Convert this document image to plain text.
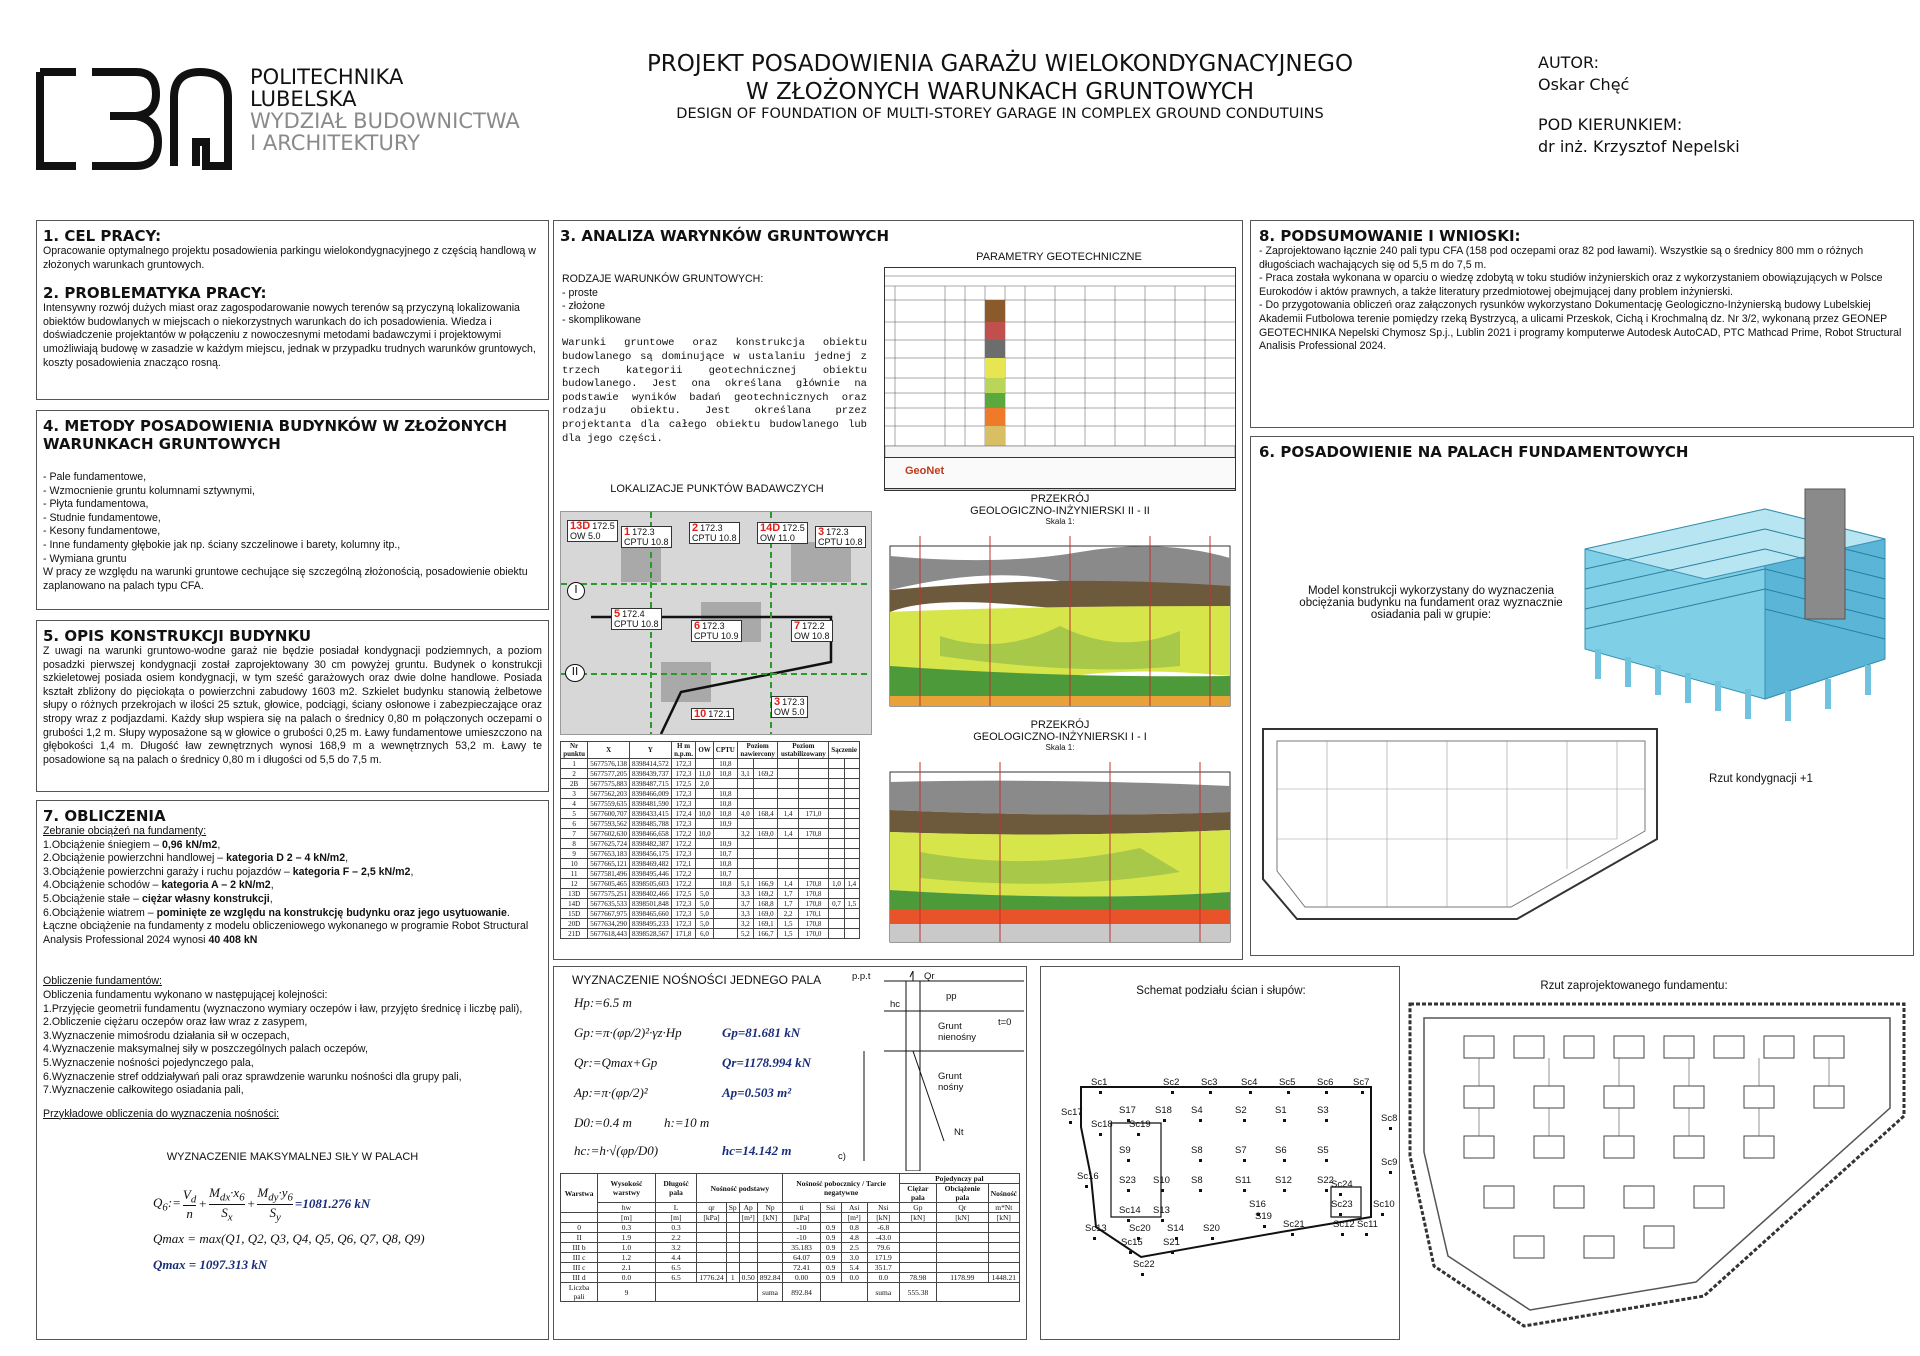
POLITECHNIKA
LUBELSKA
WYDZIAŁ BUDOWNICTWA
I ARCHITEKTURY
PROJEKT POSADOWIENIA GARAŻU WIELOKONDYGNACYJNEGO
W ZŁOŻONYCH WARUNKACH GRUNTOWYCH
DESIGN OF FOUNDATION OF MULTI-STOREY GARAGE IN COMPLEX GROUND CONDUTUINS
AUTOR:
Oskar Chęć
POD KIERUNKIEM:
dr inż. Krzysztof Nepelski
1. CEL PRACY:
Opracowanie optymalnego projektu posadowienia parkingu wielokondygnacyjnego z częścią handlową w złożonych warunkach gruntowych.
2. PROBLEMATYKA PRACY:
Intensywny rozwój dużych miast oraz zagospodarowanie nowych terenów są przyczyną lokalizowania obiektów budowlanych w miejscach o niekorzystnych warunkach do ich posadowienia. Wiedza i doświadczenie projektantów w połączeniu z nowoczesnymi metodami badawczymi i projektowymi umożliwiają budowę w zasadzie w każdym miejscu, jednak w przypadku trudnych warunków gruntowych, koszty posadowienia znacząco rosną.
4. METODY POSADOWIENIA BUDYNKÓW W ZŁOŻONYCH
WARUNKACH GRUNTOWYCH
- Pale fundamentowe,
- Wzmocnienie gruntu kolumnami sztywnymi,
- Płyta fundamentowa,
- Studnie fundamentowe,
- Kesony fundamentowe,
- Inne fundamenty głębokie jak np. ściany szczelinowe i barety, kolumny itp.,
- Wymiana gruntu
W pracy ze względu na warunki gruntowe cechujące się szczególną złożonością, posadowienie obiektu zaplanowano na palach typu CFA.
5. OPIS KONSTRUKCJI BUDYNKU
Z uwagi na warunki gruntowo-wodne garaż nie będzie posiadał kondygnacji podziemnych, a poziom posadzki pierwszej kondygnacji został zaprojektowany 30 cm powyżej gruntu. Budynek o konstrukcji szkieletowej posiada osiem kondygnacji, w tym sześć garażowych oraz dwie dolne handlowe. Posiada kształt zbliżony do pięciokąta o powierzchni zabudowy 1603 m2. Szkielet budynku stanowią żelbetowe słupy o różnych przekrojach w ilości 25 sztuk, głowice, podciągi, ściany osłonowe i zabezpieczające oraz stropy wraz z podjazdami. Każdy słup wspiera się na palach o średnicy 0,80 m połączonych oczepami o grubości 1,2 m. Słupy wyposażone są w głowice o grubości 0,25 m. Ławy fundamentowe umieszczono na głębokości 1,4 m. Długość ław zewnętrznych wynosi 168,9 m a wewnętrznych 53,2 m. Ławy te posadowione są na palach o średnicy 0,80 m i długości od 5,5 do 7,5 m.
7. OBLICZENIA
Zebranie obciążeń na fundamenty:
1.Obciążenie śniegiem – 0,96 kN/m2,
2.Obciążenie powierzchni handlowej – kategoria D 2 – 4 kN/m2,
3.Obciążenie powierzchni garaży i ruchu pojazdów – kategoria F – 2,5 kN/m2,
4.Obciążenie schodów – kategoria A – 2 kN/m2,
5.Obciążenie stałe – ciężar własny konstrukcji,
6.Obciążenie wiatrem – pominięte ze względu na konstrukcję budynku oraz jego usytuowanie.
Łączne obciążenie na fundamenty z modelu obliczeniowego wykonanego w programie Robot Structural Analysis Professional 2024 wynosi 40 408 kN
Obliczenie fundamentów:
Obliczenia fundamentu wykonano w następującej kolejności:
1.Przyjęcie geometrii fundamentu (wyznaczono wymiary oczepów i ław, przyjęto średnicę i liczbę pali),
2.Obliczenie ciężaru oczepów oraz ław wraz z zasypem,
3.Wyznaczenie mimośrodu działania sił w oczepach,
4.Wyznaczenie maksymalnej siły w poszczególnych palach oczepów,
5.Wyznaczenie nośności pojedynczego pala,
6.Wyznaczenie stref oddziaływań pali oraz sprawdzenie warunku nośności dla grupy pali,
7.Wyznaczenie całkowitego osiadania pali,
Przykładowe obliczenia do wyznaczenia nośności:
WYZNACZENIE MAKSYMALNEJ SIŁY W PALACH
$Q_6:= \frac{V_d}{n}$ +
$M_{dx}\cdot x_6$
$S_x$
+
$M_{dy}\cdot y_6$
$S_y$
=1081.276 kN
Qmax = max(Q1, Q2, Q3, Q4, Q5, Q6, Q7, Q8, Q9)
Qmax = 1097.313 kN
3. ANALIZA WARYNKÓW GRUNTOWYCH
RODZAJE WARUNKÓW GRUNTOWYCH:
- proste
- złożone
- skomplikowane
Warunki gruntowe oraz konstrukcja obiektu budowlanego są dominujące w ustalaniu jednej z trzech kategorii geotechnicznej obiektu budowlanego. Jest ona określana głównie na podstawie wyników badań geotechnicznych oraz rodzaju obiektu. Jest określana przez projektanta dla całego obiektu budowlanego lub dla jego części.
PARAMETRY GEOTECHNICZNE
GeoNet
LOKALIZACJE PUNKTÓW BADAWCZYCH
13D 172.5
OW 5.0	1 172.3
CPTU 10.8
2 172.3
CPTU 10.8
14D 172.5
OW 11.0	3 172.3
CPTU 10.8
5 172.4
CPTU 10.8	6 172.3
CPTU 10.9
7 172.2
OW 10.8
10 172.1
3 172.3
OW 5.0
I
II
Nr punktu	X	Y	H m n.p.m.	OW	CPTU	Poziom nawiercony		Poziom ustabilizowany		Sączenie	
1	5677576,138	8398414,572	172,3		10,8						
2	5677577,205	8398439,737	172,3	11,0	10,8	3,1	169,2				
2B	5677575,883	8398487,715	172,5	2,0							
3	5677562,203	8398466,009	172,3		10,8						
4	5677559,635	8398481,590	172,3		10,8						
5	5677600,707	8398433,415	172,4	10,0	10,8	4,0	168,4	1,4	171,0		
6	5677593,562	8398485,788	172,3		10,9						
7	5677602,630	8398466,658	172,2	10,0		3,2	169,0	1,4	170,8		
8	5677625,724	8398482,387	172,2		10,9						
9	5677653,183	8398456,175	172,3		10,7						
10	5677665,121	8398469,482	172,1		10,8						
11	5677581,496	8398495,446	172,2		10,7						
12	5677605,465	8398505,603	172,2		10,8	5,1	166,9	1,4	170,8	1,0	1,4
13D	5677575,251	8398402,466	172,5	5,0		3,3	169,2	1,7	170,8		
14D	5677635,533	8398501,848	172,3	5,0		3,7	168,8	1,7	170,8	0,7	1,5
15D	5677667,975	8398465,660	172,3	5,0		3,3	169,0	2,2	170,1		
20D	5677634,290	8398495,233	172,3	5,0		3,2	169,1	1,5	170,8		
21D	5677618,443	8398528,567	171,8	6,0		5,2	166,7	1,5	170,0		
PRZEKRÓJ
GEOLOGICZNO-INŻYNIERSKI II - II
Skala 1:
PRZEKRÓJ
GEOLOGICZNO-INŻYNIERSKI I - I
Skala 1:
WYZNACZENIE NOŚNOŚCI JEDNEGO PALA
Hp:=6.5 m
Gp:=π·(φp/2)²·γz·Hp	Gp=81.681 kN
Qr:=Qmax+Gp	Qr=1178.994 kN
Ap:=π·(φp/2)²	Ap=0.503 m²
D0:=0.4 m h:=10 m
hc:=h·√(φp/D0)	hc=14.142 m
p.p.t	Qr
pp
hc
Grunt nienośny
t=0
Grunt nośny
Nt
c)
Warstwa	Wysokość warstwy	Długość pala	Nośność podstawy				Nośność pobocznicy / Tarcie negatywne				Pojedynczy pal		
											Ciężar pala	Obciążenie pala	Nośność
	hw	L	qr	Sp	Ap	Np	ti	Ssi	Asi	Nsi	Gp	Qr	m*Nt
	[m]	[m]	[kPa]		[m²]	[kN]	[kPa]		[m²]	[kN]	[kN]	[kN]	[kN]
0	0.3	0.3					-10	0.9	0.8	-6.8			
II	1.9	2.2					-10	0.9	4.8	-43.0			
III b	1.0	3.2					35.183	0.9	2.5	79.6			
III c	1.2	4.4					64.07	0.9	3.0	171.9			
III c	2.1	6.5					72.41	0.9	5.4	351.7			
III d	0.0	6.5	1776.24	1	0.50	892.84	0.00	0.9	0.0	0.0	78.98	1178.99	1448.21
Liczba pali	9					suma	892.84			suma	555.38		
8. PODSUMOWANIE I WNIOSKI:
- Zaprojektowano łącznie 240 pali typu CFA (158 pod oczepami oraz 82 pod ławami). Wszystkie są o średnicy 800 mm o różnych długościach wachających się od 5,5 m do 7,5 m.
- Praca została wykonana w oparciu o wiedzę zdobytą w toku studiów inżynierskich oraz z wykorzystaniem obowiązujących w Polsce Eurokodów i aktów prawnych, a także literatury przedmiotowej obejmującej dany problem inżynierski.
- Do przygotowania obliczeń oraz załączonych rysunków wykorzystano Dokumentację Geologiczno-Inżynierską budowy Lubelskiej Akademii Futbolowa terenie pomiędzy rzeką Bystrzycą, a ulicami Przeskok, Cichą i Krochmalną dz. Nr 3/2, wykonaną przez GEONEP GEOTECHNIKA Nepelski Chymosz Sp.j., Lublin 2021 i programy komputerwe Autodesk AutoCAD, PTC Mathcad Prime, Robot Structural Analisis Professional 2024.
6. POSADOWIENIE NA PALACH FUNDAMENTOWYCH
Model konstrukcji wykorzystany do wyznaczenia obciężania budynku na fundament oraz wyznacznie osiadania pali w grupie:
Rzut kondygnacji +1
Schemat podziału ścian i słupów:
Sc1	Sc2 Sc3 Sc4 Sc5 Sc6 Sc7
Sc17	S17 S18 S4	S2	S1	S3
Sc8
Sc18 Sc19
S9	S8	S7	S6	S5
Sc9
Sc16 S23 S10 S8	S11	S12	S22
Sc24
Sc23 Sc10
S16
Sc14 S13
S19
Sc13 Sc20 S14 S20	Sc21	Sc12 Sc11
Sc15 S21
Sc22
Rzut zaprojektowanego fundamentu:
